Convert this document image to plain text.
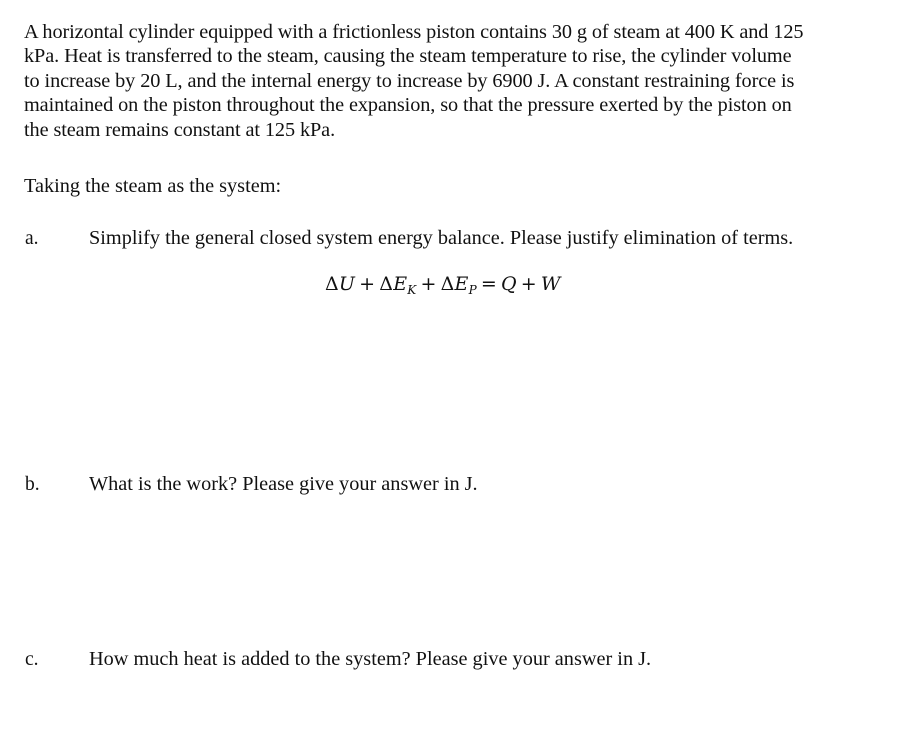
A horizontal cylinder equipped with a frictionless piston contains 30 g of steam at 400 K and 125
kPa. Heat is transferred to the steam, causing the steam temperature to rise, the cylinder volume
to increase by 20 L, and the internal energy to increase by 6900 J. A constant restraining force is
maintained on the piston throughout the expansion, so that the pressure exerted by the piston on
the steam remains constant at 125 kPa.
Taking the steam as the system:
a. Simplify the general closed system energy balance. Please justify elimination of terms.
$\Delta U + \Delta E_K + \Delta E_P = Q + W$
b. What is the work? Please give your answer in J.
c. How much heat is added to the system? Please give your answer in J.
